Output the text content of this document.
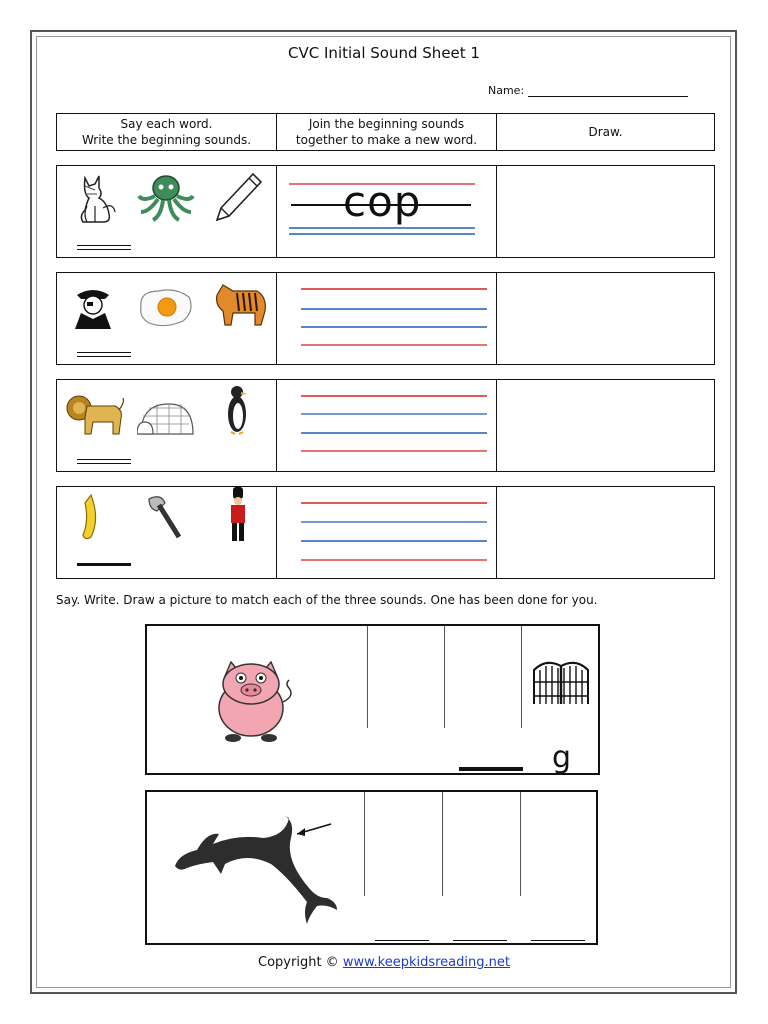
CVC Initial Sound Sheet 1
Name:
Say each word.
Write the beginning sounds.
Join the beginning sounds
together to make a new word.
Draw.
cop
Say. Write. Draw a picture to match each of the three sounds. One has been done for you.
g
Copyright © www.keepkidsreading.net
